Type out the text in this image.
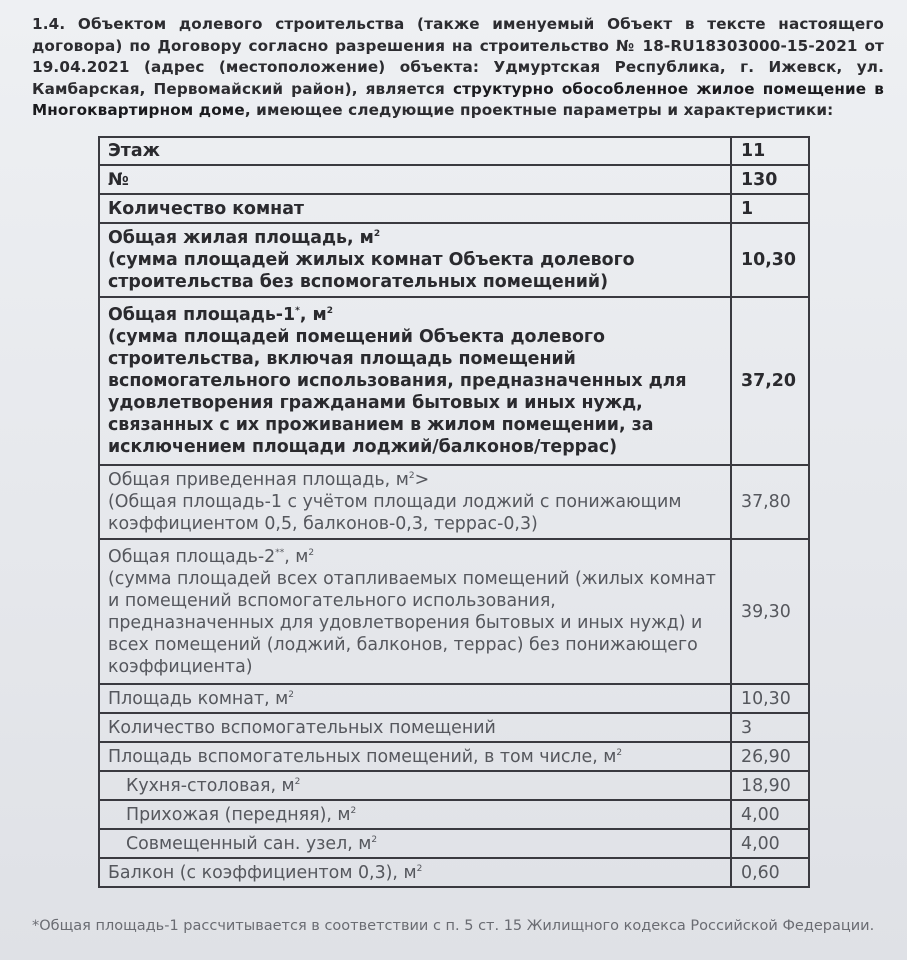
1.4. Объектом долевого строительства (также именуемый Объект в тексте настоящего договора) по Договору согласно разрешения на строительство № 18-RU18303000-15-2021 от 19.04.2021 (адрес (местоположение) объекта: Удмуртская Республика, г. Ижевск, ул. Камбарская, Первомайский район), является структурно обособленное жилое помещение в Многоквартирном доме, имеющее следующие проектные параметры и характеристики:
Этаж	11
№	130
Количество комнат	1
Общая жилая площадь, $м^2$
(сумма площадей жилых комнат Объекта долевого строительства без вспомогательных помещений)	10,30
Общая площадь-1*, $м^2$
(сумма площадей помещений Объекта долевого строительства, включая площадь помещений вспомогательного использования, предназначенных для удовлетворения гражданами бытовых и иных нужд, связанных с их проживанием в жилом помещении, за исключением площади лоджий/балконов/террас)	37,20
Общая приведенная площадь, $м^2>$
(Общая площадь-1 с учётом площади лоджий с понижающим коэффициентом 0,5, балконов-0,3, террас-0,3)	37,80
Общая площадь-2**, $м^2$
(сумма площадей всех отапливаемых помещений (жилых комнат и помещений вспомогательного использования, предназначенных для удовлетворения бытовых и иных нужд) и всех помещений (лоджий, балконов, террас) без понижающего коэффициента)	39,30
Площадь комнат, $м^2$	10,30
Количество вспомогательных помещений	3
Площадь вспомогательных помещений, в том числе, $м^2$	26,90
Кухня-столовая, $м^2$	18,90
Прихожая (передняя), $м^2$	4,00
Совмещенный сан. узел, $м^2$	4,00
Балкон (с коэффициентом 0,3), $м^2$	0,60
*Общая площадь-1 рассчитывается в соответствии с п. 5 ст. 15 Жилищного кодекса Российской Федерации.
